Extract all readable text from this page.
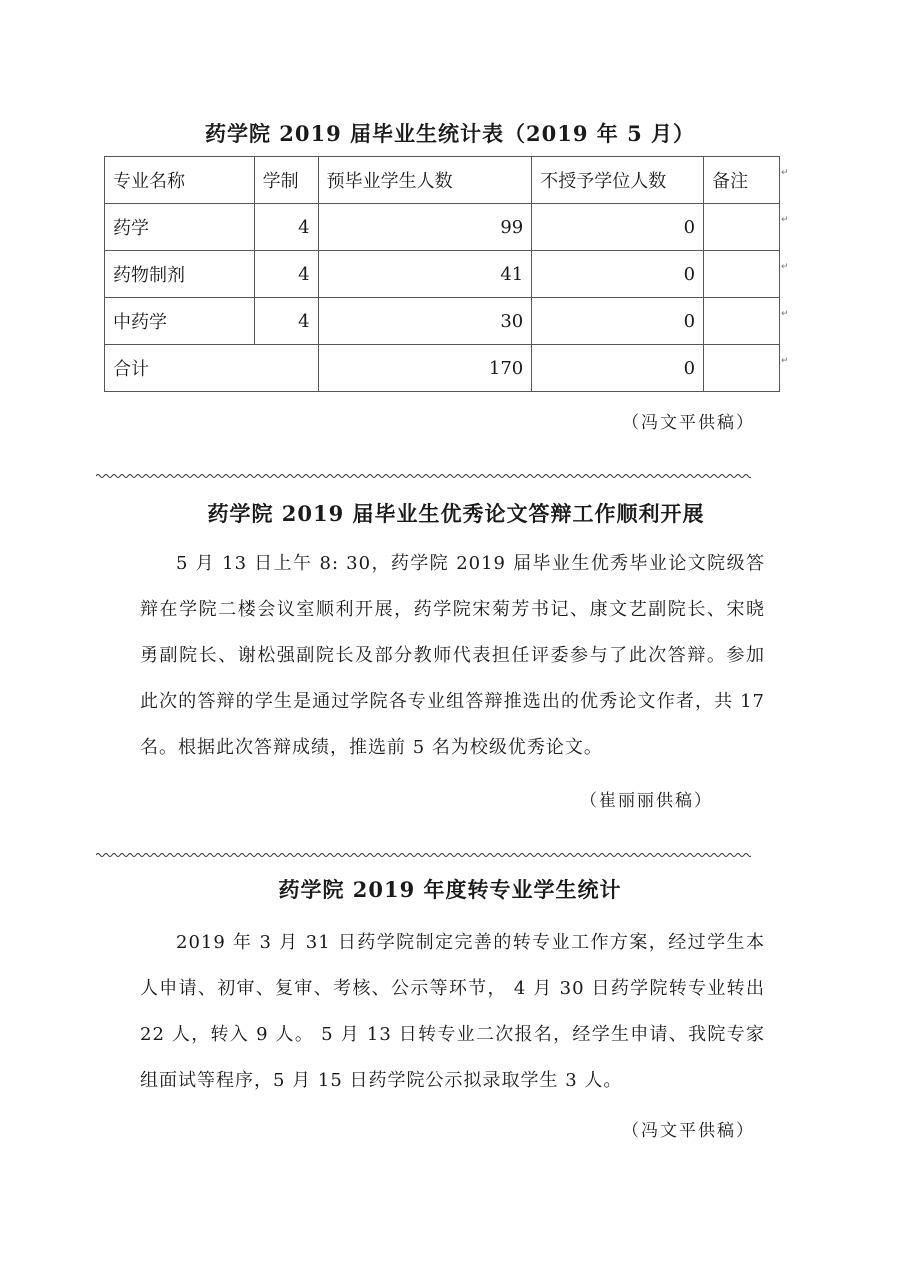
药学院 2019 届毕业生统计表（2019 年 5 月）
专业名称	学制	预毕业学生人数	不授予学位人数	备注
药学	4	99	0	
药物制剂	4	41	0	
中药学	4	30	0	
合计		170	0	
↵
↵
↵
↵
↵
（冯文平供稿）
药学院 2019 届毕业生优秀论文答辩工作顺利开展

5 月 13 日上午 8: 30，药学院 2019 届毕业生优秀毕业论文院级答辩在学院二楼会议室顺利开展，药学院宋菊芳书记、康文艺副院长、宋晓勇副院长、谢松强副院长及部分教师代表担任评委参与了此次答辩。参加此次的答辩的学生是通过学院各专业组答辩推选出的优秀论文作者，共 17 名。根据此次答辩成绩，推选前 5 名为校级优秀论文。

（崔丽丽供稿）
药学院 2019 年度转专业学生统计

2019 年 3 月 31 日药学院制定完善的转专业工作方案，经过学生本人申请、初审、复审、考核、公示等环节， 4 月 30 日药学院转专业转出 22 人，转入 9 人。 5 月 13 日转专业二次报名，经学生申请、我院专家组面试等程序，5 月 15 日药学院公示拟录取学生 3 人。

（冯文平供稿）
